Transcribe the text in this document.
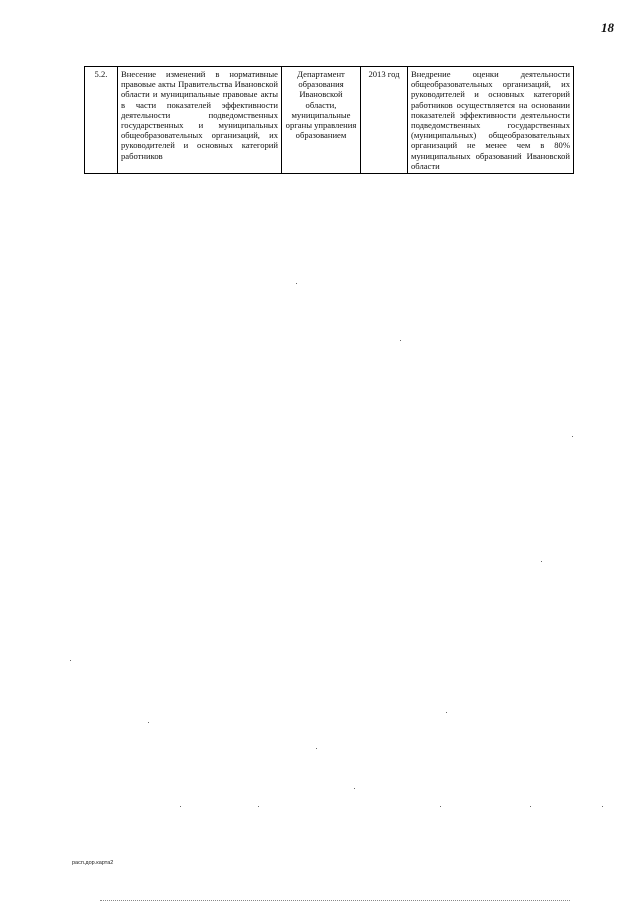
18
5.2.	Внесение изменений в нормативные правовые акты Правительства Ивановской области и муниципальные правовые акты в части показателей эффективности деятельности подведомственных государственных и муниципальных общеобразовательных организаций, их руководителей и основных категорий работников	Департамент образования Ивановской области, муниципальные органы управления образованием	2013 год	Внедрение оценки деятельности общеобразовательных организаций, их руководителей и основных категорий работников осуществляется на основании показателей эффективности деятельности подведомственных государственных (муниципальных) общеобразовательных организаций не менее чем в 80% муниципальных образований Ивановской области
расп.дор.карта2
